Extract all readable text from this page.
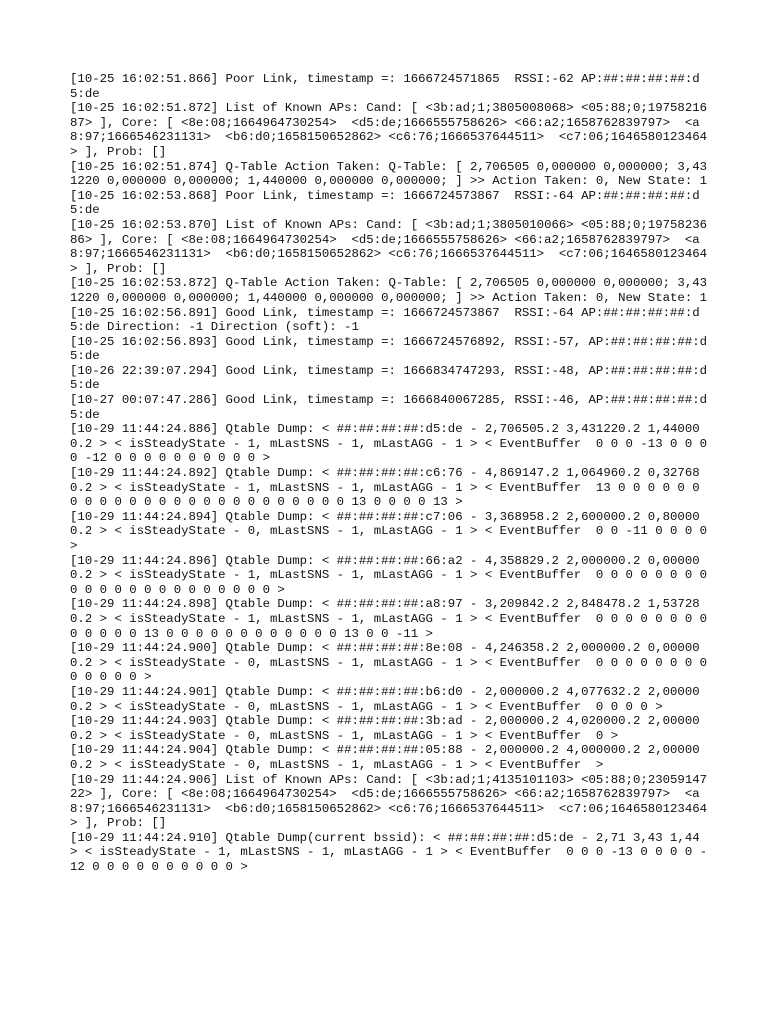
[10-25 16:02:51.866] Poor Link, timestamp =: 1666724571865  RSSI:-62 AP:##:##:##:##:d5:de

[10-25 16:02:51.872] List of Known APs: Cand: [ <3b:ad;1;3805008068> <05:88;0;1975821687> ], Core: [ <8e:08;1664964730254>  <d5:de;1666555758626> <66:a2;1658762839797>  <a8:97;1666546231131>  <b6:d0;1658150652862> <c6:76;1666537644511>  <c7:06;1646580123464> ], Prob: []

[10-25 16:02:51.874] Q-Table Action Taken: Q-Table: [ 2,706505 0,000000 0,000000; 3,431220 0,000000 0,000000; 1,440000 0,000000 0,000000; ] >> Action Taken: 0, New State: 1

[10-25 16:02:53.868] Poor Link, timestamp =: 1666724573867  RSSI:-64 AP:##:##:##:##:d5:de

[10-25 16:02:53.870] List of Known APs: Cand: [ <3b:ad;1;3805010066> <05:88;0;1975823686> ], Core: [ <8e:08;1664964730254>  <d5:de;1666555758626> <66:a2;1658762839797>  <a8:97;1666546231131>  <b6:d0;1658150652862> <c6:76;1666537644511>  <c7:06;1646580123464> ], Prob: []

[10-25 16:02:53.872] Q-Table Action Taken: Q-Table: [ 2,706505 0,000000 0,000000; 3,431220 0,000000 0,000000; 1,440000 0,000000 0,000000; ] >> Action Taken: 0, New State: 1

[10-25 16:02:56.891] Good Link, timestamp =: 1666724573867  RSSI:-64 AP:##:##:##:##:d5:de Direction: -1 Direction (soft): -1

[10-25 16:02:56.893] Good Link, timestamp =: 1666724576892, RSSI:-57, AP:##:##:##:##:d5:de

[10-26 22:39:07.294] Good Link, timestamp =: 1666834747293, RSSI:-48, AP:##:##:##:##:d5:de

[10-27 00:07:47.286] Good Link, timestamp =: 1666840067285, RSSI:-46, AP:##:##:##:##:d5:de

[10-29 11:44:24.886] Qtable Dump: < ##:##:##:##:d5:de - 2,706505.2 3,431220.2 1,440000.2 > < isSteadyState - 1, mLastSNS - 1, mLastAGG - 1 > < EventBuffer  0 0 0 -13 0 0 0 0 -12 0 0 0 0 0 0 0 0 0 0 >

[10-29 11:44:24.892] Qtable Dump: < ##:##:##:##:c6:76 - 4,869147.2 1,064960.2 0,327680.2 > < isSteadyState - 1, mLastSNS - 1, mLastAGG - 1 > < EventBuffer  13 0 0 0 0 0 0 0 0 0 0 0 0 0 0 0 0 0 0 0 0 0 0 0 0 0 13 0 0 0 0 13 >

[10-29 11:44:24.894] Qtable Dump: < ##:##:##:##:c7:06 - 3,368958.2 2,600000.2 0,800000.2 > < isSteadyState - 0, mLastSNS - 1, mLastAGG - 1 > < EventBuffer  0 0 -11 0 0 0 0 >

[10-29 11:44:24.896] Qtable Dump: < ##:##:##:##:66:a2 - 4,358829.2 2,000000.2 0,000000.2 > < isSteadyState - 1, mLastSNS - 1, mLastAGG - 1 > < EventBuffer  0 0 0 0 0 0 0 0 0 0 0 0 0 0 0 0 0 0 0 0 0 0 >

[10-29 11:44:24.898] Qtable Dump: < ##:##:##:##:a8:97 - 3,209842.2 2,848478.2 1,537280.2 > < isSteadyState - 1, mLastSNS - 1, mLastAGG - 1 > < EventBuffer  0 0 0 0 0 0 0 0 0 0 0 0 0 13 0 0 0 0 0 0 0 0 0 0 0 0 13 0 0 -11 >

[10-29 11:44:24.900] Qtable Dump: < ##:##:##:##:8e:08 - 4,246358.2 2,000000.2 0,000000.2 > < isSteadyState - 0, mLastSNS - 1, mLastAGG - 1 > < EventBuffer  0 0 0 0 0 0 0 0 0 0 0 0 0 >

[10-29 11:44:24.901] Qtable Dump: < ##:##:##:##:b6:d0 - 2,000000.2 4,077632.2 2,000000.2 > < isSteadyState - 0, mLastSNS - 1, mLastAGG - 1 > < EventBuffer  0 0 0 0 >

[10-29 11:44:24.903] Qtable Dump: < ##:##:##:##:3b:ad - 2,000000.2 4,020000.2 2,000000.2 > < isSteadyState - 0, mLastSNS - 1, mLastAGG - 1 > < EventBuffer  0 >

[10-29 11:44:24.904] Qtable Dump: < ##:##:##:##:05:88 - 2,000000.2 4,000000.2 2,000000.2 > < isSteadyState - 0, mLastSNS - 1, mLastAGG - 1 > < EventBuffer  >

[10-29 11:44:24.906] List of Known APs: Cand: [ <3b:ad;1;4135101103> <05:88;0;2305914722> ], Core: [ <8e:08;1664964730254>  <d5:de;1666555758626> <66:a2;1658762839797>  <a8:97;1666546231131>  <b6:d0;1658150652862> <c6:76;1666537644511>  <c7:06;1646580123464> ], Prob: []

[10-29 11:44:24.910] Qtable Dump(current bssid): < ##:##:##:##:d5:de - 2,71 3,43 1,44 > < isSteadyState - 1, mLastSNS - 1, mLastAGG - 1 > < EventBuffer  0 0 0 -13 0 0 0 0 -12 0 0 0 0 0 0 0 0 0 0 >
